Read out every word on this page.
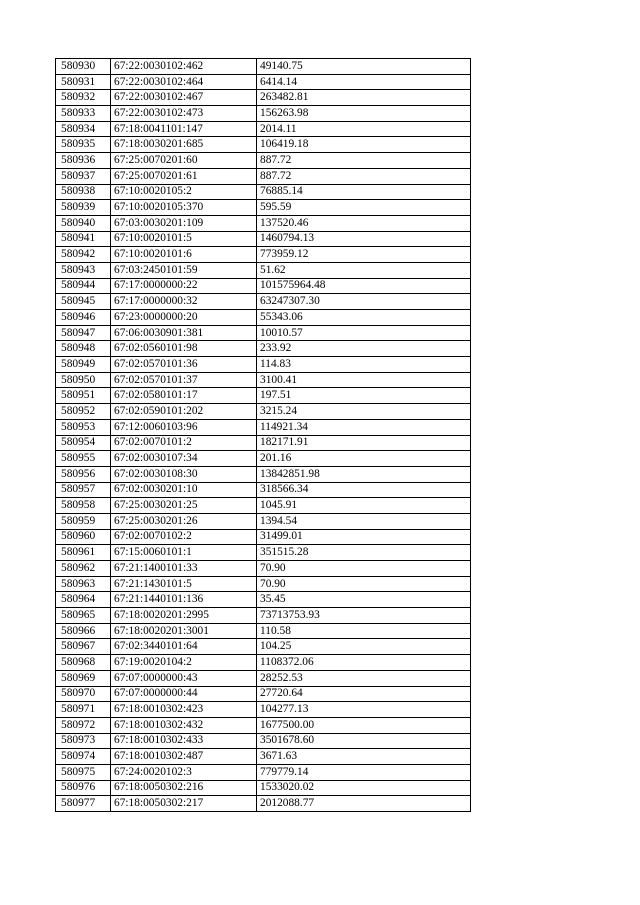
580930	67:22:0030102:462	49140.75
580931	67:22:0030102:464	6414.14
580932	67:22:0030102:467	263482.81
580933	67:22:0030102:473	156263.98
580934	67:18:0041101:147	2014.11
580935	67:18:0030201:685	106419.18
580936	67:25:0070201:60	887.72
580937	67:25:0070201:61	887.72
580938	67:10:0020105:2	76885.14
580939	67:10:0020105:370	595.59
580940	67:03:0030201:109	137520.46
580941	67:10:0020101:5	1460794.13
580942	67:10:0020101:6	773959.12
580943	67:03:2450101:59	51.62
580944	67:17:0000000:22	101575964.48
580945	67:17:0000000:32	63247307.30
580946	67:23:0000000:20	55343.06
580947	67:06:0030901:381	10010.57
580948	67:02:0560101:98	233.92
580949	67:02:0570101:36	114.83
580950	67:02:0570101:37	3100.41
580951	67:02:0580101:17	197.51
580952	67:02:0590101:202	3215.24
580953	67:12:0060103:96	114921.34
580954	67:02:0070101:2	182171.91
580955	67:02:0030107:34	201.16
580956	67:02:0030108:30	13842851.98
580957	67:02:0030201:10	318566.34
580958	67:25:0030201:25	1045.91
580959	67:25:0030201:26	1394.54
580960	67:02:0070102:2	31499.01
580961	67:15:0060101:1	351515.28
580962	67:21:1400101:33	70.90
580963	67:21:1430101:5	70.90
580964	67:21:1440101:136	35.45
580965	67:18:0020201:2995	73713753.93
580966	67:18:0020201:3001	110.58
580967	67:02:3440101:64	104.25
580968	67:19:0020104:2	1108372.06
580969	67:07:0000000:43	28252.53
580970	67:07:0000000:44	27720.64
580971	67:18:0010302:423	104277.13
580972	67:18:0010302:432	1677500.00
580973	67:18:0010302:433	3501678.60
580974	67:18:0010302:487	3671.63
580975	67:24:0020102:3	779779.14
580976	67:18:0050302:216	1533020.02
580977	67:18:0050302:217	2012088.77
